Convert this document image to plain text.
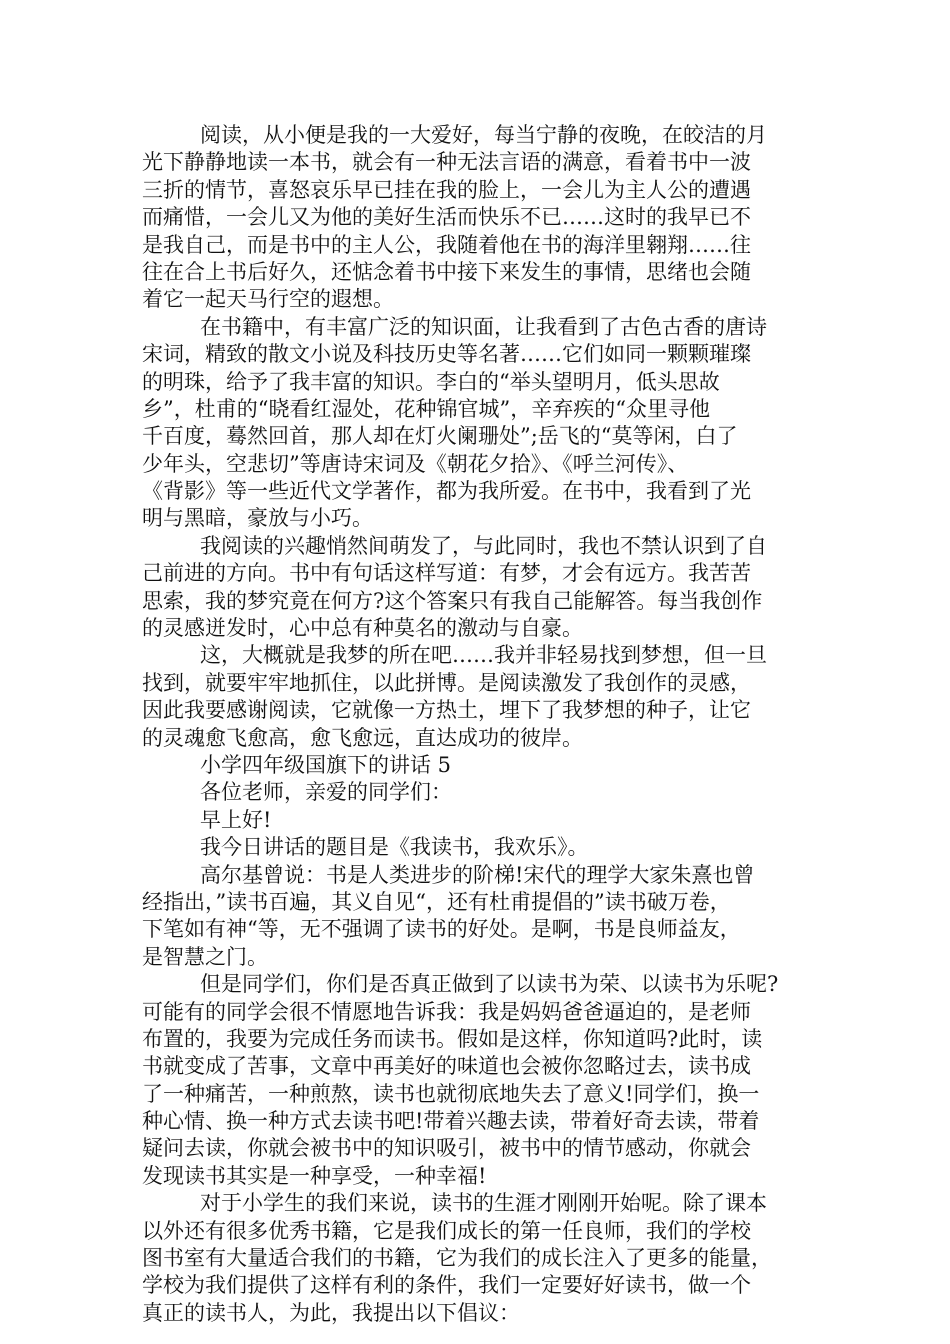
阅读，从小便是我的一大爱好，每当宁静的夜晚，在皎洁的月
光下静静地读一本书，就会有一种无法言语的满意，看着书中一波
三折的情节，喜怒哀乐早已挂在我的脸上，一会儿为主人公的遭遇
而痛惜，一会儿又为他的美好生活而快乐不已……这时的我早已不
是我自己，而是书中的主人公，我随着他在书的海洋里翱翔……往
往在合上书后好久，还惦念着书中接下来发生的事情，思绪也会随
着它一起天马行空的遐想。
在书籍中，有丰富广泛的知识面，让我看到了古色古香的唐诗
宋词，精致的散文小说及科技历史等名著……它们如同一颗颗璀璨
的明珠，给予了我丰富的知识。李白的“举头望明月，低头思故
乡”，杜甫的“晓看红湿处，花种锦官城”，辛弃疾的“众里寻他
千百度，蓦然回首，那人却在灯火阑珊处”;岳飞的“莫等闲，白了
少年头，空悲切”等唐诗宋词及《朝花夕拾》、《呼兰河传》、
《背影》等一些近代文学著作，都为我所爱。在书中，我看到了光
明与黑暗，豪放与小巧。
我阅读的兴趣悄然间萌发了，与此同时，我也不禁认识到了自
己前进的方向。书中有句话这样写道：有梦，才会有远方。我苦苦
思索，我的梦究竟在何方?这个答案只有我自己能解答。每当我创作
的灵感迸发时，心中总有种莫名的激动与自豪。
这，大概就是我梦的所在吧……我并非轻易找到梦想，但一旦
找到，就要牢牢地抓住，以此拼博。是阅读激发了我创作的灵感，
因此我要感谢阅读，它就像一方热土，埋下了我梦想的种子，让它
的灵魂愈飞愈高，愈飞愈远，直达成功的彼岸。
小学四年级国旗下的讲话 5
各位老师，亲爱的同学们：
早上好!
我今日讲话的题目是《我读书，我欢乐》。
高尔基曾说：书是人类进步的阶梯!宋代的理学大家朱熹也曾
经指出，”读书百遍，其义自见“，还有杜甫提倡的”读书破万卷，
下笔如有神“等，无不强调了读书的好处。是啊，书是良师益友，
是智慧之门。
但是同学们，你们是否真正做到了以读书为荣、以读书为乐呢?
可能有的同学会很不情愿地告诉我：我是妈妈爸爸逼迫的，是老师
布置的，我要为完成任务而读书。假如是这样，你知道吗?此时，读
书就变成了苦事，文章中再美好的味道也会被你忽略过去，读书成
了一种痛苦，一种煎熬，读书也就彻底地失去了意义!同学们，换一
种心情、换一种方式去读书吧!带着兴趣去读，带着好奇去读，带着
疑问去读，你就会被书中的知识吸引，被书中的情节感动，你就会
发现读书其实是一种享受，一种幸福!
对于小学生的我们来说，读书的生涯才刚刚开始呢。除了课本
以外还有很多优秀书籍，它是我们成长的第一任良师，我们的学校
图书室有大量适合我们的书籍，它为我们的成长注入了更多的能量，
学校为我们提供了这样有利的条件，我们一定要好好读书，做一个
真正的读书人，为此，我提出以下倡议：
